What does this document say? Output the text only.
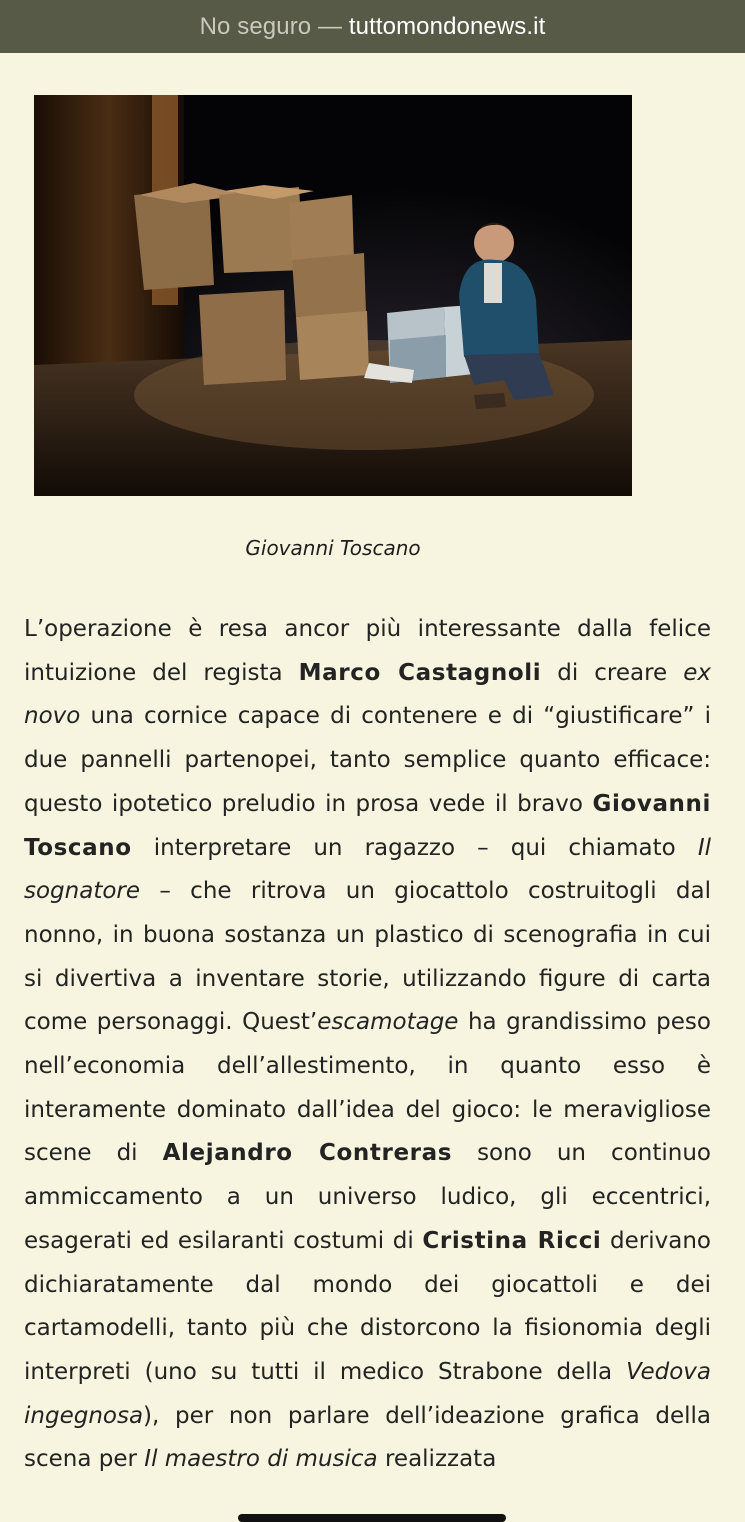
No seguro — tuttomondonews.it
Giovanni Toscano

L’operazione è resa ancor più interessante dalla felice intuizione del regista Marco Castagnoli di creare ex novo una cornice capace di contenere e di “giustificare” i due pannelli partenopei, tanto semplice quanto efficace: questo ipotetico preludio in prosa vede il bravo Giovanni Toscano interpretare un ragazzo – qui chiamato Il sognatore – che ritrova un giocattolo costruitogli dal nonno, in buona sostanza un plastico di scenografia in cui si divertiva a inventare storie, utilizzando figure di carta come personaggi. Quest’escamotage ha grandissimo peso nell’economia dell’allestimento, in quanto esso è interamente dominato dall’idea del gioco: le meravigliose scene di Alejandro Contreras sono un continuo ammiccamento a un universo ludico, gli eccentrici, esagerati ed esilaranti costumi di Cristina Ricci derivano dichiaratamente dal mondo dei giocattoli e dei cartamodelli, tanto più che distorcono la fisionomia degli interpreti (uno su tutti il medico Strabone della Vedova ingegnosa), per non parlare dell’ideazione grafica della scena per Il maestro di musica realizzata
